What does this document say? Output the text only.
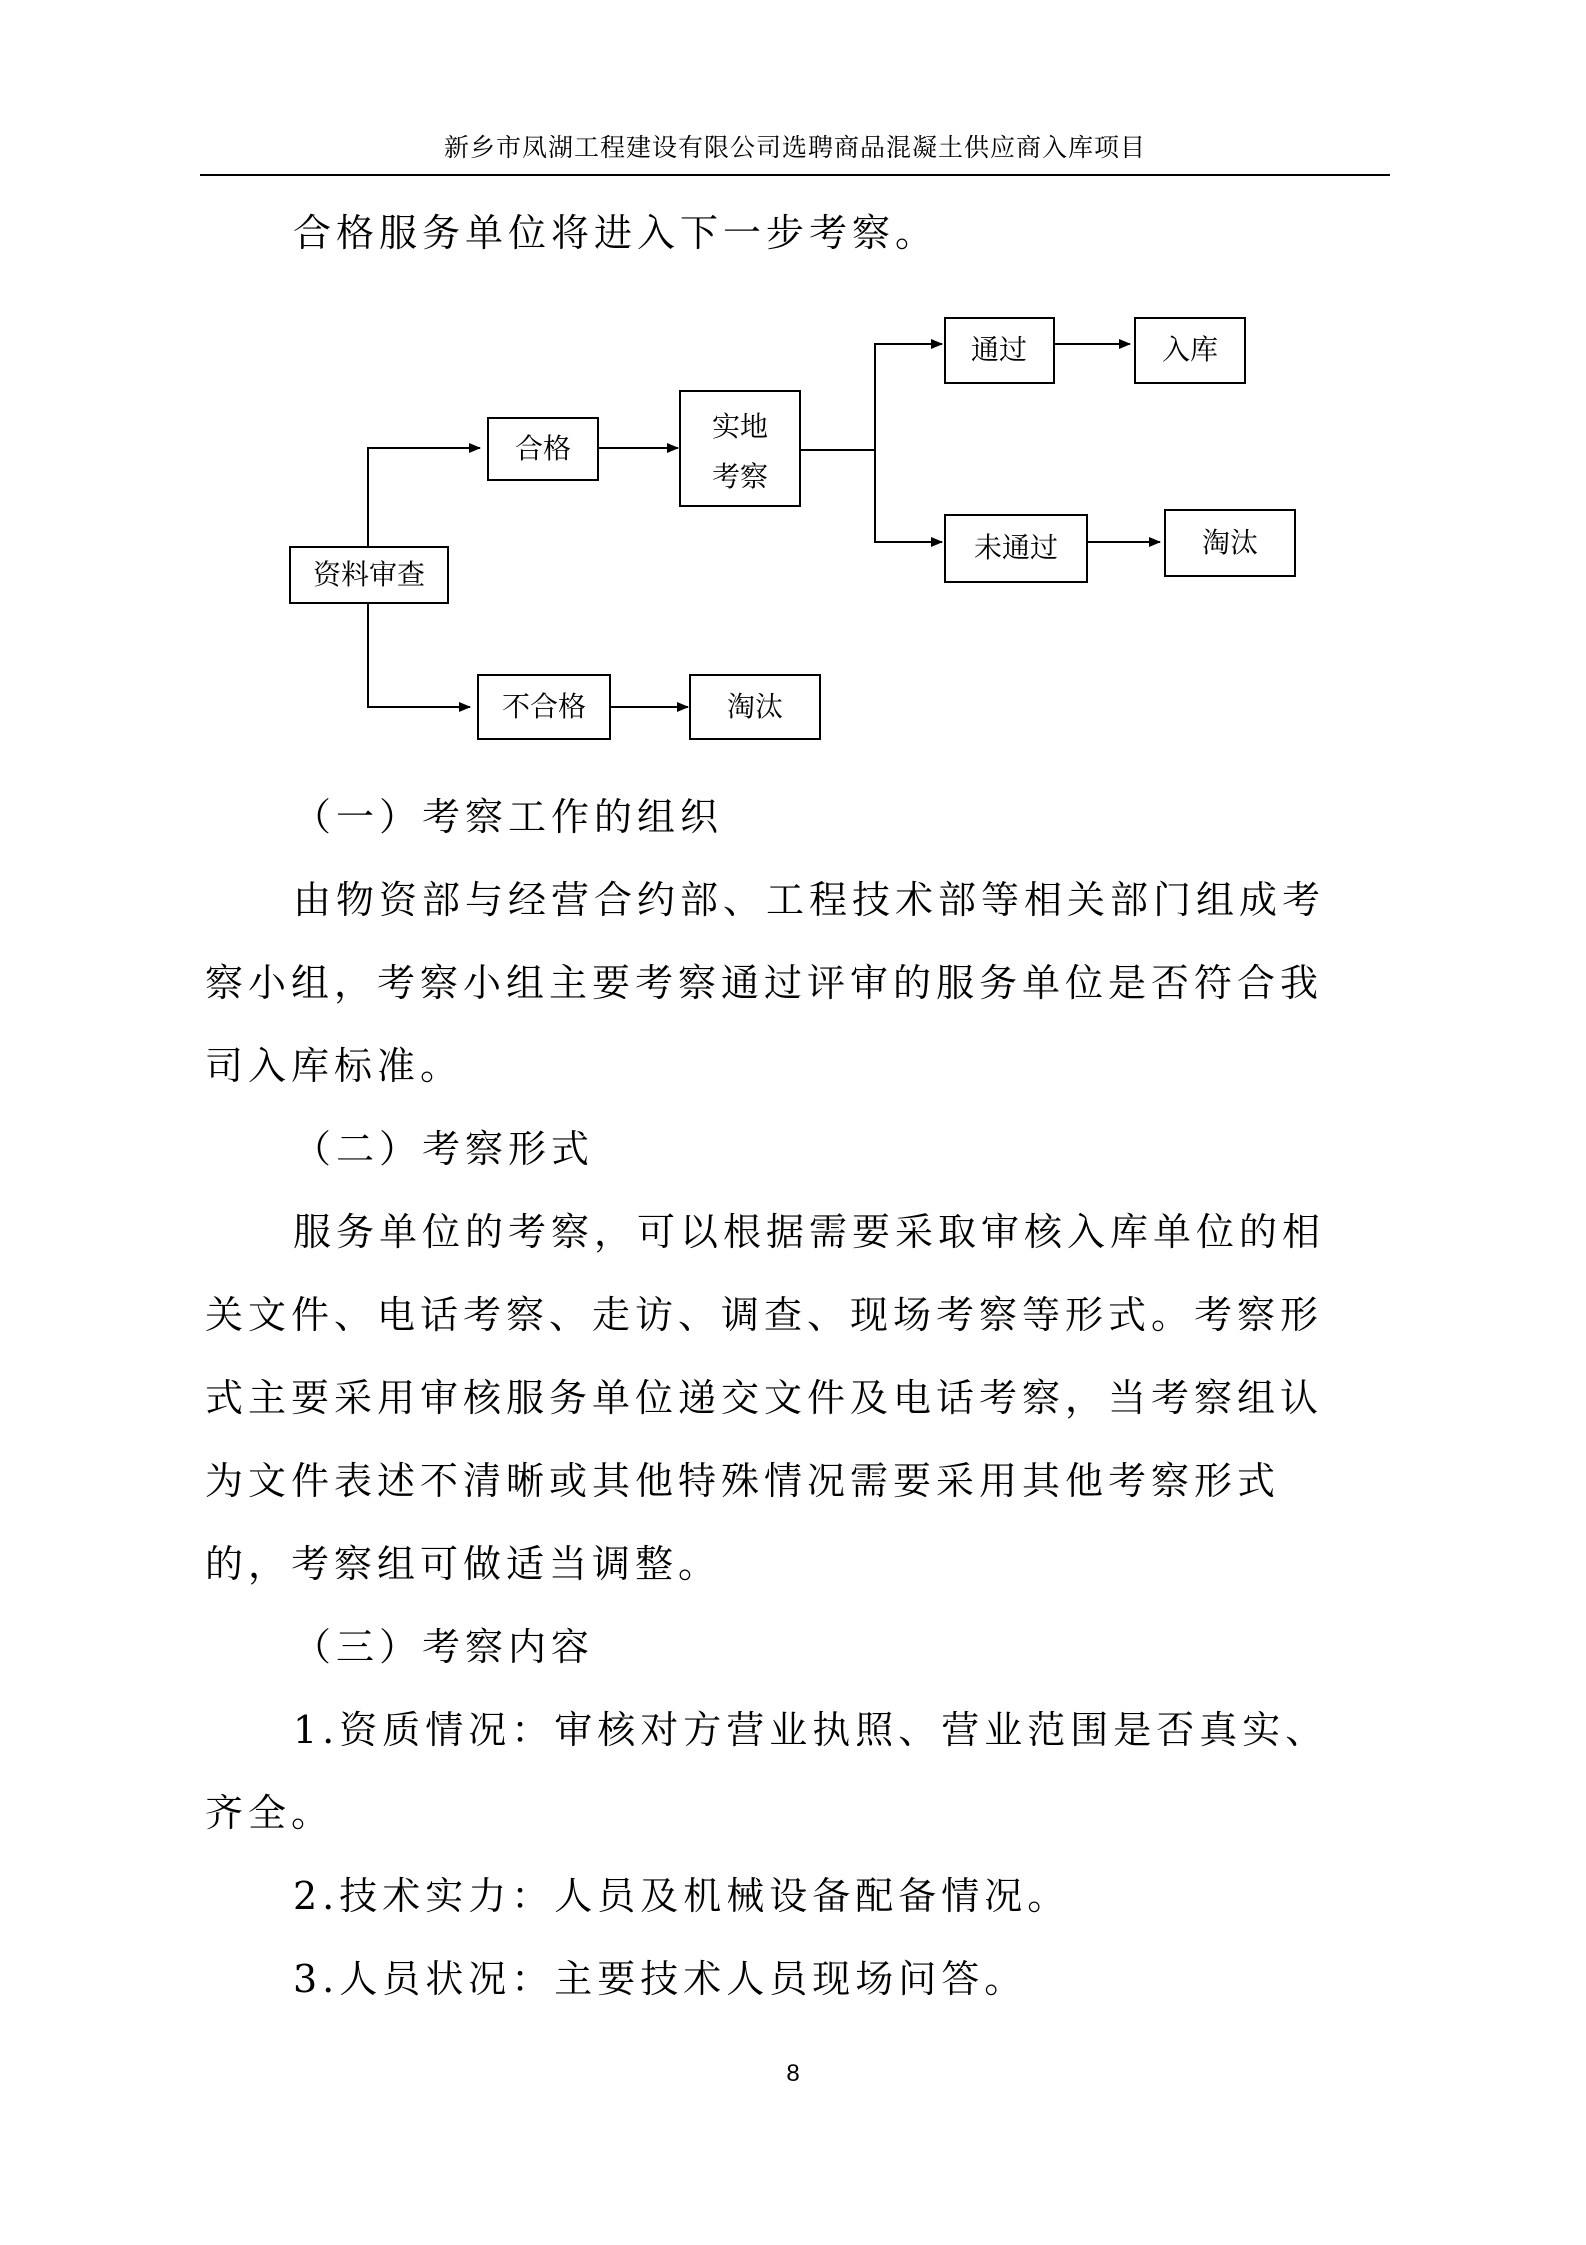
新乡市凤湖工程建设有限公司选聘商品混凝土供应商入库项目

合格服务单位将进入下一步考察。

资料审查
合格
不合格	淘汰
实地
考察
通过	入库
未通过	淘汰

（一）考察工作的组织

由物资部与经营合约部、工程技术部等相关部门组成考察小组，考察小组主要考察通过评审的服务单位是否符合我司入库标准。

（二）考察形式

服务单位的考察，可以根据需要采取审核入库单位的相关文件、电话考察、走访、调查、现场考察等形式。考察形式主要采用审核服务单位递交文件及电话考察，当考察组认为文件表述不清晰或其他特殊情况需要采用其他考察形式的，考察组可做适当调整。

（三）考察内容

1.资质情况：审核对方营业执照、营业范围是否真实、齐全。

2.技术实力：人员及机械设备配备情况。

3.人员状况：主要技术人员现场问答。

8
